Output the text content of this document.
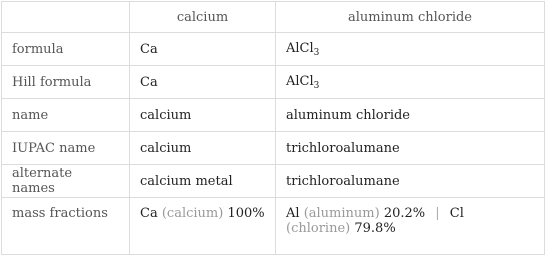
	calcium	aluminum chloride
formula	Ca	AlCl$_3$
Hill formula	Ca	AlCl$_3$
name	calcium	aluminum chloride
IUPAC name	calcium	trichloroalumane
alternate names	calcium metal	trichloroalumane
mass fractions	Ca (calcium) 100%	Al (aluminum) 20.2% | Cl
(chlorine) 79.8%
